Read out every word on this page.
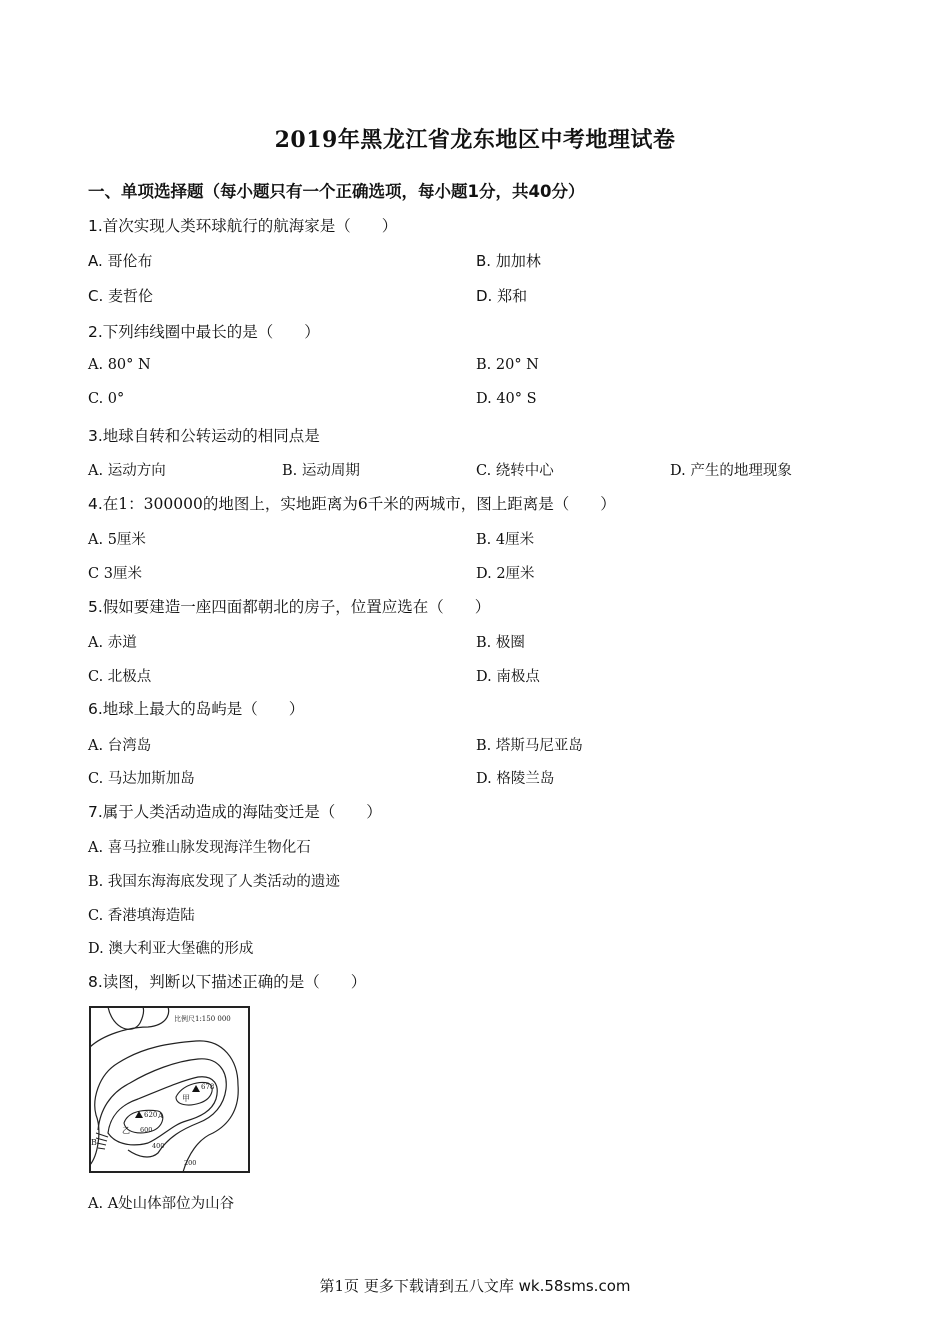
2019年黑龙江省龙东地区中考地理试卷
一、单项选择题（每小题只有一个正确选项，每小题1分，共40分）
1.首次实现人类环球航行的航海家是（　　）
A. 哥伦布	B. 加加林
C. 麦哲伦	D. 郑和
2.下列纬线圈中最长的是（　　）
A. 80° N	B. 20° N
C. 0°	D. 40° S
3.地球自转和公转运动的相同点是
A. 运动方向	B. 运动周期	C. 绕转中心	D. 产生的地理现象
4.在1：300000的地图上，实地距离为6千米的两城市，图上距离是（　　）
A. 5厘米	B. 4厘米
C 3厘米	D. 2厘米
5.假如要建造一座四面都朝北的房子，位置应选在（　　）
A. 赤道	B. 极圈
C. 北极点	D. 南极点
6.地球上最大的岛屿是（　　）
A. 台湾岛	B. 塔斯马尼亚岛
C. 马达加斯加岛	D. 格陵兰岛
7.属于人类活动造成的海陆变迁是（　　）
A. 喜马拉雅山脉发现海洋生物化石
B. 我国东海海底发现了人类活动的遗迹
C. 香港填海造陆
D. 澳大利亚大堡礁的形成
8.读图，判断以下描述正确的是（　　）
比例尺1:150 000
620
678
甲
乙
A
B
600
400
200
A. A处山体部位为山谷
第1页 更多下载请到五八文库 wk.58sms.com
